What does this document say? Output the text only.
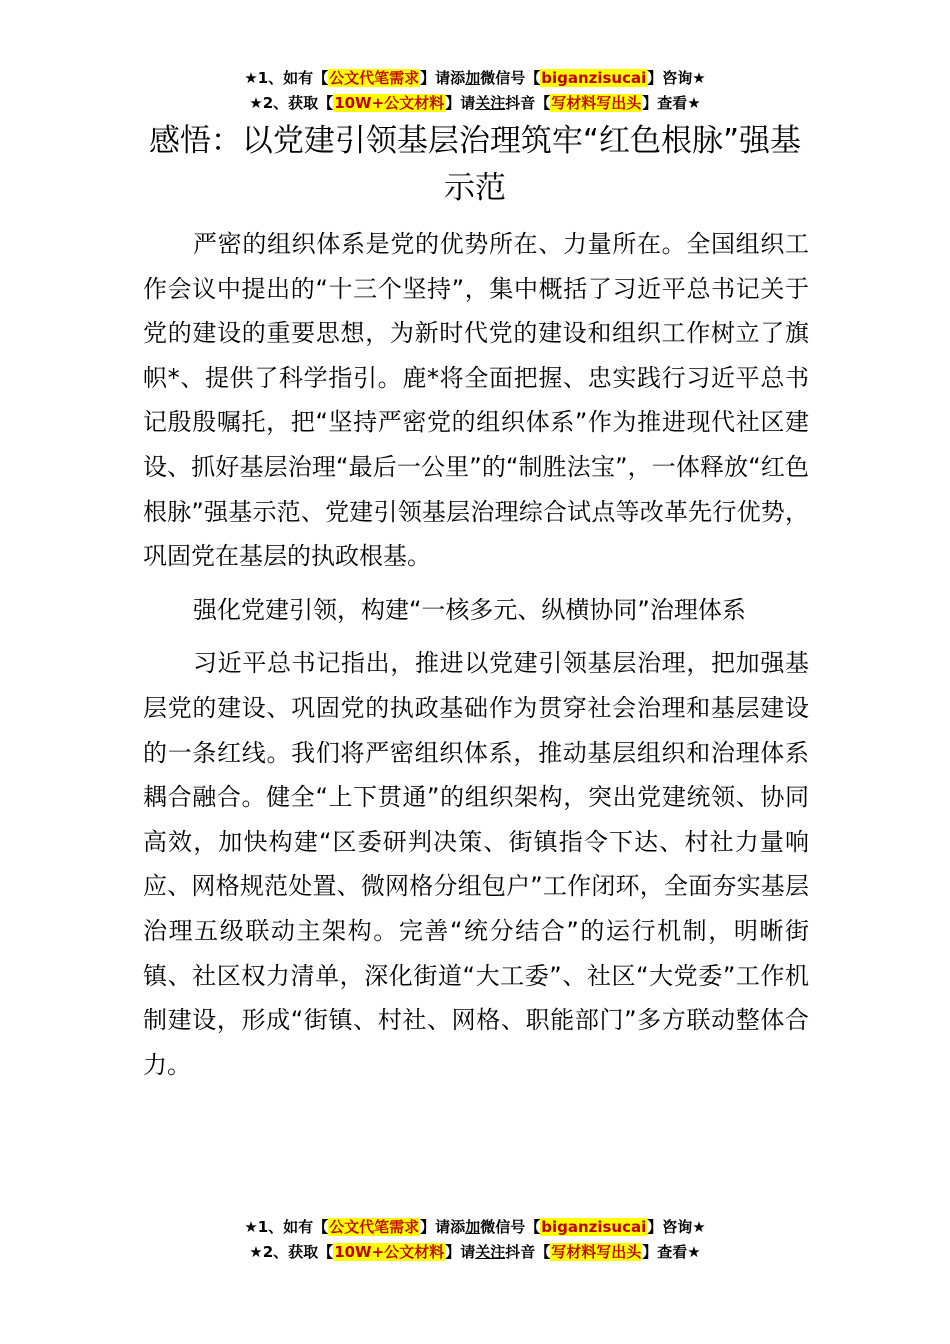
★1、如有【公文代笔需求】请添加微信号【biganzisucai】咨询★
★2、获取【10W+公文材料】请关注抖音【写材料写出头】查看★
感悟：以党建引领基层治理筑牢“红色根脉”强基示范

严密的组织体系是党的优势所在、力量所在。全国组织工作会议中提出的“十三个坚持”，集中概括了习近平总书记关于党的建设的重要思想，为新时代党的建设和组织工作树立了旗帜*、提供了科学指引。鹿*将全面把握、忠实践行习近平总书记殷殷嘱托，把“坚持严密党的组织体系”作为推进现代社区建设、抓好基层治理“最后一公里”的“制胜法宝”，一体释放“红色根脉”强基示范、党建引领基层治理综合试点等改革先行优势，巩固党在基层的执政根基。

强化党建引领，构建“一核多元、纵横协同”治理体系

习近平总书记指出，推进以党建引领基层治理，把加强基层党的建设、巩固党的执政基础作为贯穿社会治理和基层建设的一条红线。我们将严密组织体系，推动基层组织和治理体系耦合融合。健全“上下贯通”的组织架构，突出党建统领、协同高效，加快构建“区委研判决策、街镇指令下达、村社力量响应、网格规范处置、微网格分组包户”工作闭环，全面夯实基层治理五级联动主架构。完善“统分结合”的运行机制，明晰街镇、社区权力清单，深化街道“大工委”、社区“大党委”工作机制建设，形成“街镇、村社、网格、职能部门”多方联动整体合力。

★1、如有【公文代笔需求】请添加微信号【biganzisucai】咨询★
★2、获取【10W+公文材料】请关注抖音【写材料写出头】查看★
